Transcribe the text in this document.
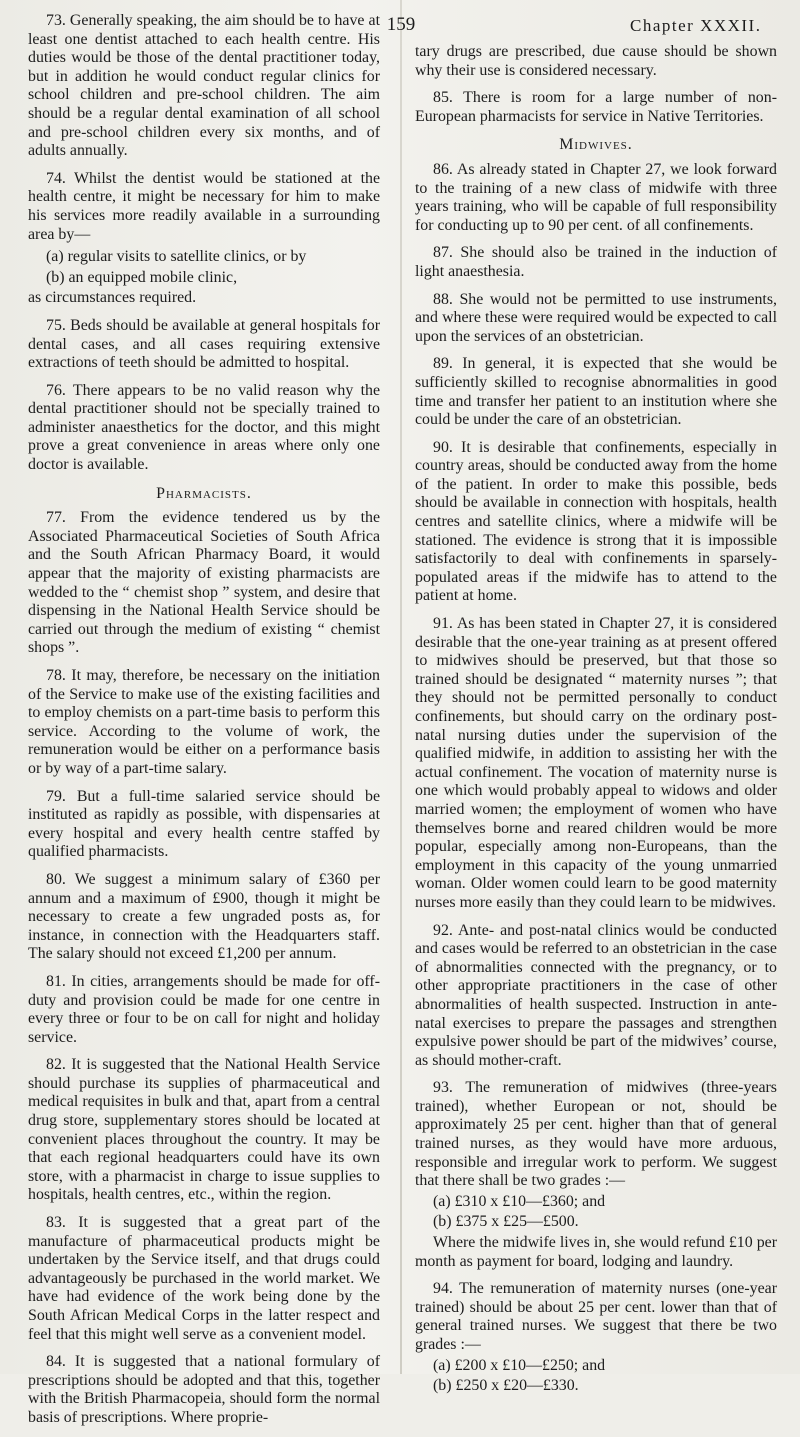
159	Chapter XXXII.

73. Generally speaking, the aim should be to have at least one dentist attached to each health centre. His duties would be those of the dental practitioner today, but in addition he would conduct regular clinics for school children and pre-school children. The aim should be a regular dental examination of all school and pre-school children every six months, and of adults annually.

74. Whilst the dentist would be stationed at the health centre, it might be necessary for him to make his services more readily available in a surrounding area by—

(a) regular visits to satellite clinics, or by

(b) an equipped mobile clinic,

as circumstances required.

75. Beds should be available at general hospitals for dental cases, and all cases requiring extensive extractions of teeth should be admitted to hospital.

76. There appears to be no valid reason why the dental practitioner should not be specially trained to administer anaesthetics for the doctor, and this might prove a great convenience in areas where only one doctor is available.

Pharmacists.

77. From the evidence tendered us by the Associated Pharmaceutical Societies of South Africa and the South African Pharmacy Board, it would appear that the majority of existing pharmacists are wedded to the “ chemist shop ” system, and desire that dispensing in the National Health Service should be carried out through the medium of existing “ chemist shops ”.

78. It may, therefore, be necessary on the initiation of the Service to make use of the existing facilities and to employ chemists on a part-time basis to perform this service. According to the volume of work, the remuneration would be either on a performance basis or by way of a part-time salary.

79. But a full-time salaried service should be instituted as rapidly as possible, with dispensaries at every hospital and every health centre staffed by qualified pharmacists.

80. We suggest a minimum salary of £360 per annum and a maximum of £900, though it might be necessary to create a few ungraded posts as, for instance, in connection with the Headquarters staff. The salary should not exceed £1,200 per annum.

81. In cities, arrangements should be made for off-duty and provision could be made for one centre in every three or four to be on call for night and holiday service.

82. It is suggested that the National Health Service should purchase its supplies of pharmaceutical and medical requisites in bulk and that, apart from a central drug store, supplementary stores should be located at convenient places throughout the country. It may be that each regional headquarters could have its own store, with a pharmacist in charge to issue supplies to hospitals, health centres, etc., within the region.

83. It is suggested that a great part of the manufacture of pharmaceutical products might be undertaken by the Service itself, and that drugs could advantageously be purchased in the world market. We have had evidence of the work being done by the South African Medical Corps in the latter respect and feel that this might well serve as a convenient model.

84. It is suggested that a national formulary of prescriptions should be adopted and that this, together with the British Pharmacopeia, should form the normal basis of prescriptions. Where proprie-

tary drugs are prescribed, due cause should be shown why their use is considered necessary.

85. There is room for a large number of non-European pharmacists for service in Native Territories.

Midwives.

86. As already stated in Chapter 27, we look forward to the training of a new class of midwife with three years training, who will be capable of full responsibility for conducting up to 90 per cent. of all confinements.

87. She should also be trained in the induction of light anaesthesia.

88. She would not be permitted to use instruments, and where these were required would be expected to call upon the services of an obstetrician.

89. In general, it is expected that she would be sufficiently skilled to recognise abnormalities in good time and transfer her patient to an institution where she could be under the care of an obstetrician.

90. It is desirable that confinements, especially in country areas, should be conducted away from the home of the patient. In order to make this possible, beds should be available in connection with hospitals, health centres and satellite clinics, where a midwife will be stationed. The evidence is strong that it is impossible satisfactorily to deal with confinements in sparsely-populated areas if the midwife has to attend to the patient at home.

91. As has been stated in Chapter 27, it is considered desirable that the one-year training as at present offered to midwives should be preserved, but that those so trained should be designated “ maternity nurses ”; that they should not be permitted personally to conduct confinements, but should carry on the ordinary post-natal nursing duties under the supervision of the qualified midwife, in addition to assisting her with the actual confinement. The vocation of maternity nurse is one which would probably appeal to widows and older married women; the employment of women who have themselves borne and reared children would be more popular, especially among non-Europeans, than the employment in this capacity of the young unmarried woman. Older women could learn to be good maternity nurses more easily than they could learn to be midwives.

92. Ante- and post-natal clinics would be conducted and cases would be referred to an obstetrician in the case of abnormalities connected with the pregnancy, or to other appropriate practitioners in the case of other abnormalities of health suspected. Instruction in ante-natal exercises to prepare the passages and strengthen expulsive power should be part of the midwives’ course, as should mother-craft.

93. The remuneration of midwives (three-years trained), whether European or not, should be approximately 25 per cent. higher than that of general trained nurses, as they would have more arduous, responsible and irregular work to perform. We suggest that there shall be two grades :—

(a) £310 x £10—£360; and

(b) £375 x £25—£500.

Where the midwife lives in, she would refund £10 per month as payment for board, lodging and laundry.

94. The remuneration of maternity nurses (one-year trained) should be about 25 per cent. lower than that of general trained nurses. We suggest that there be two grades :—

(a) £200 x £10—£250; and

(b) £250 x £20—£330.
